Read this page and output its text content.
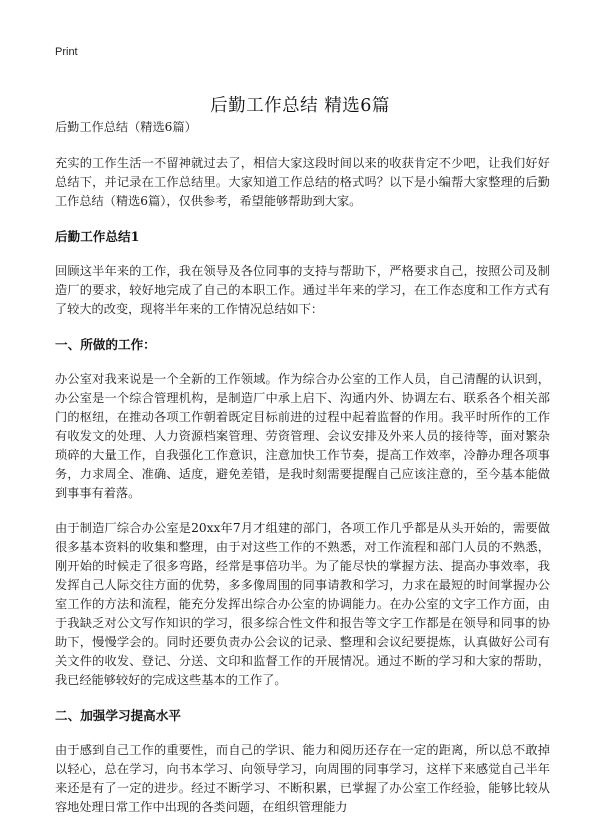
Print
后勤工作总结 精选6篇
后勤工作总结（精选6篇）

充实的工作生活一不留神就过去了，相信大家这段时间以来的收获肯定不少吧，让我们好好总结下，并记录在工作总结里。大家知道工作总结的格式吗？以下是小编帮大家整理的后勤工作总结（精选6篇），仅供参考，希望能够帮助到大家。

后勤工作总结1

回顾这半年来的工作，我在领导及各位同事的支持与帮助下，严格要求自己，按照公司及制造厂的要求，较好地完成了自己的本职工作。通过半年来的学习，在工作态度和工作方式有了较大的改变，现将半年来的工作情况总结如下：

一、所做的工作：

办公室对我来说是一个全新的工作领域。作为综合办公室的工作人员，自己清醒的认识到，办公室是一个综合管理机构，是制造厂中承上启下、沟通内外、协调左右、联系各个相关部门的枢纽，在推动各项工作朝着既定目标前进的过程中起着监督的作用。我平时所作的工作有收发文的处理、人力资源档案管理、劳资管理、会议安排及外来人员的接待等，面对繁杂琐碎的大量工作，自我强化工作意识，注意加快工作节奏，提高工作效率，冷静办理各项事务，力求周全、准确、适度，避免差错，是我时刻需要提醒自己应该注意的，至今基本能做到事事有着落。

由于制造厂综合办公室是20xx年7月才组建的部门，各项工作几乎都是从头开始的，需要做很多基本资料的收集和整理，由于对这些工作的不熟悉，对工作流程和部门人员的不熟悉，刚开始的时候走了很多弯路，经常是事倍功半。为了能尽快的掌握方法、提高办事效率，我发挥自己人际交往方面的优势，多多像周围的同事请教和学习，力求在最短的时间掌握办公室工作的方法和流程，能充分发挥出综合办公室的协调能力。在办公室的文字工作方面，由于我缺乏对公文写作知识的学习，很多综合性文件和报告等文字工作都是在领导和同事的协助下，慢慢学会的。同时还要负责办公会议的记录、整理和会议纪要提炼，认真做好公司有关文件的收发、登记、分送、文印和监督工作的开展情况。通过不断的学习和大家的帮助，我已经能够较好的完成这些基本的工作了。

二、加强学习提高水平

由于感到自己工作的重要性，而自己的学识、能力和阅历还存在一定的距离，所以总不敢掉以轻心，总在学习，向书本学习、向领导学习，向周围的同事学习，这样下来感觉自己半年来还是有了一定的进步。经过不断学习、不断积累，已掌握了办公室工作经验，能够比较从容地处理日常工作中出现的各类问题，在组织管理能力
